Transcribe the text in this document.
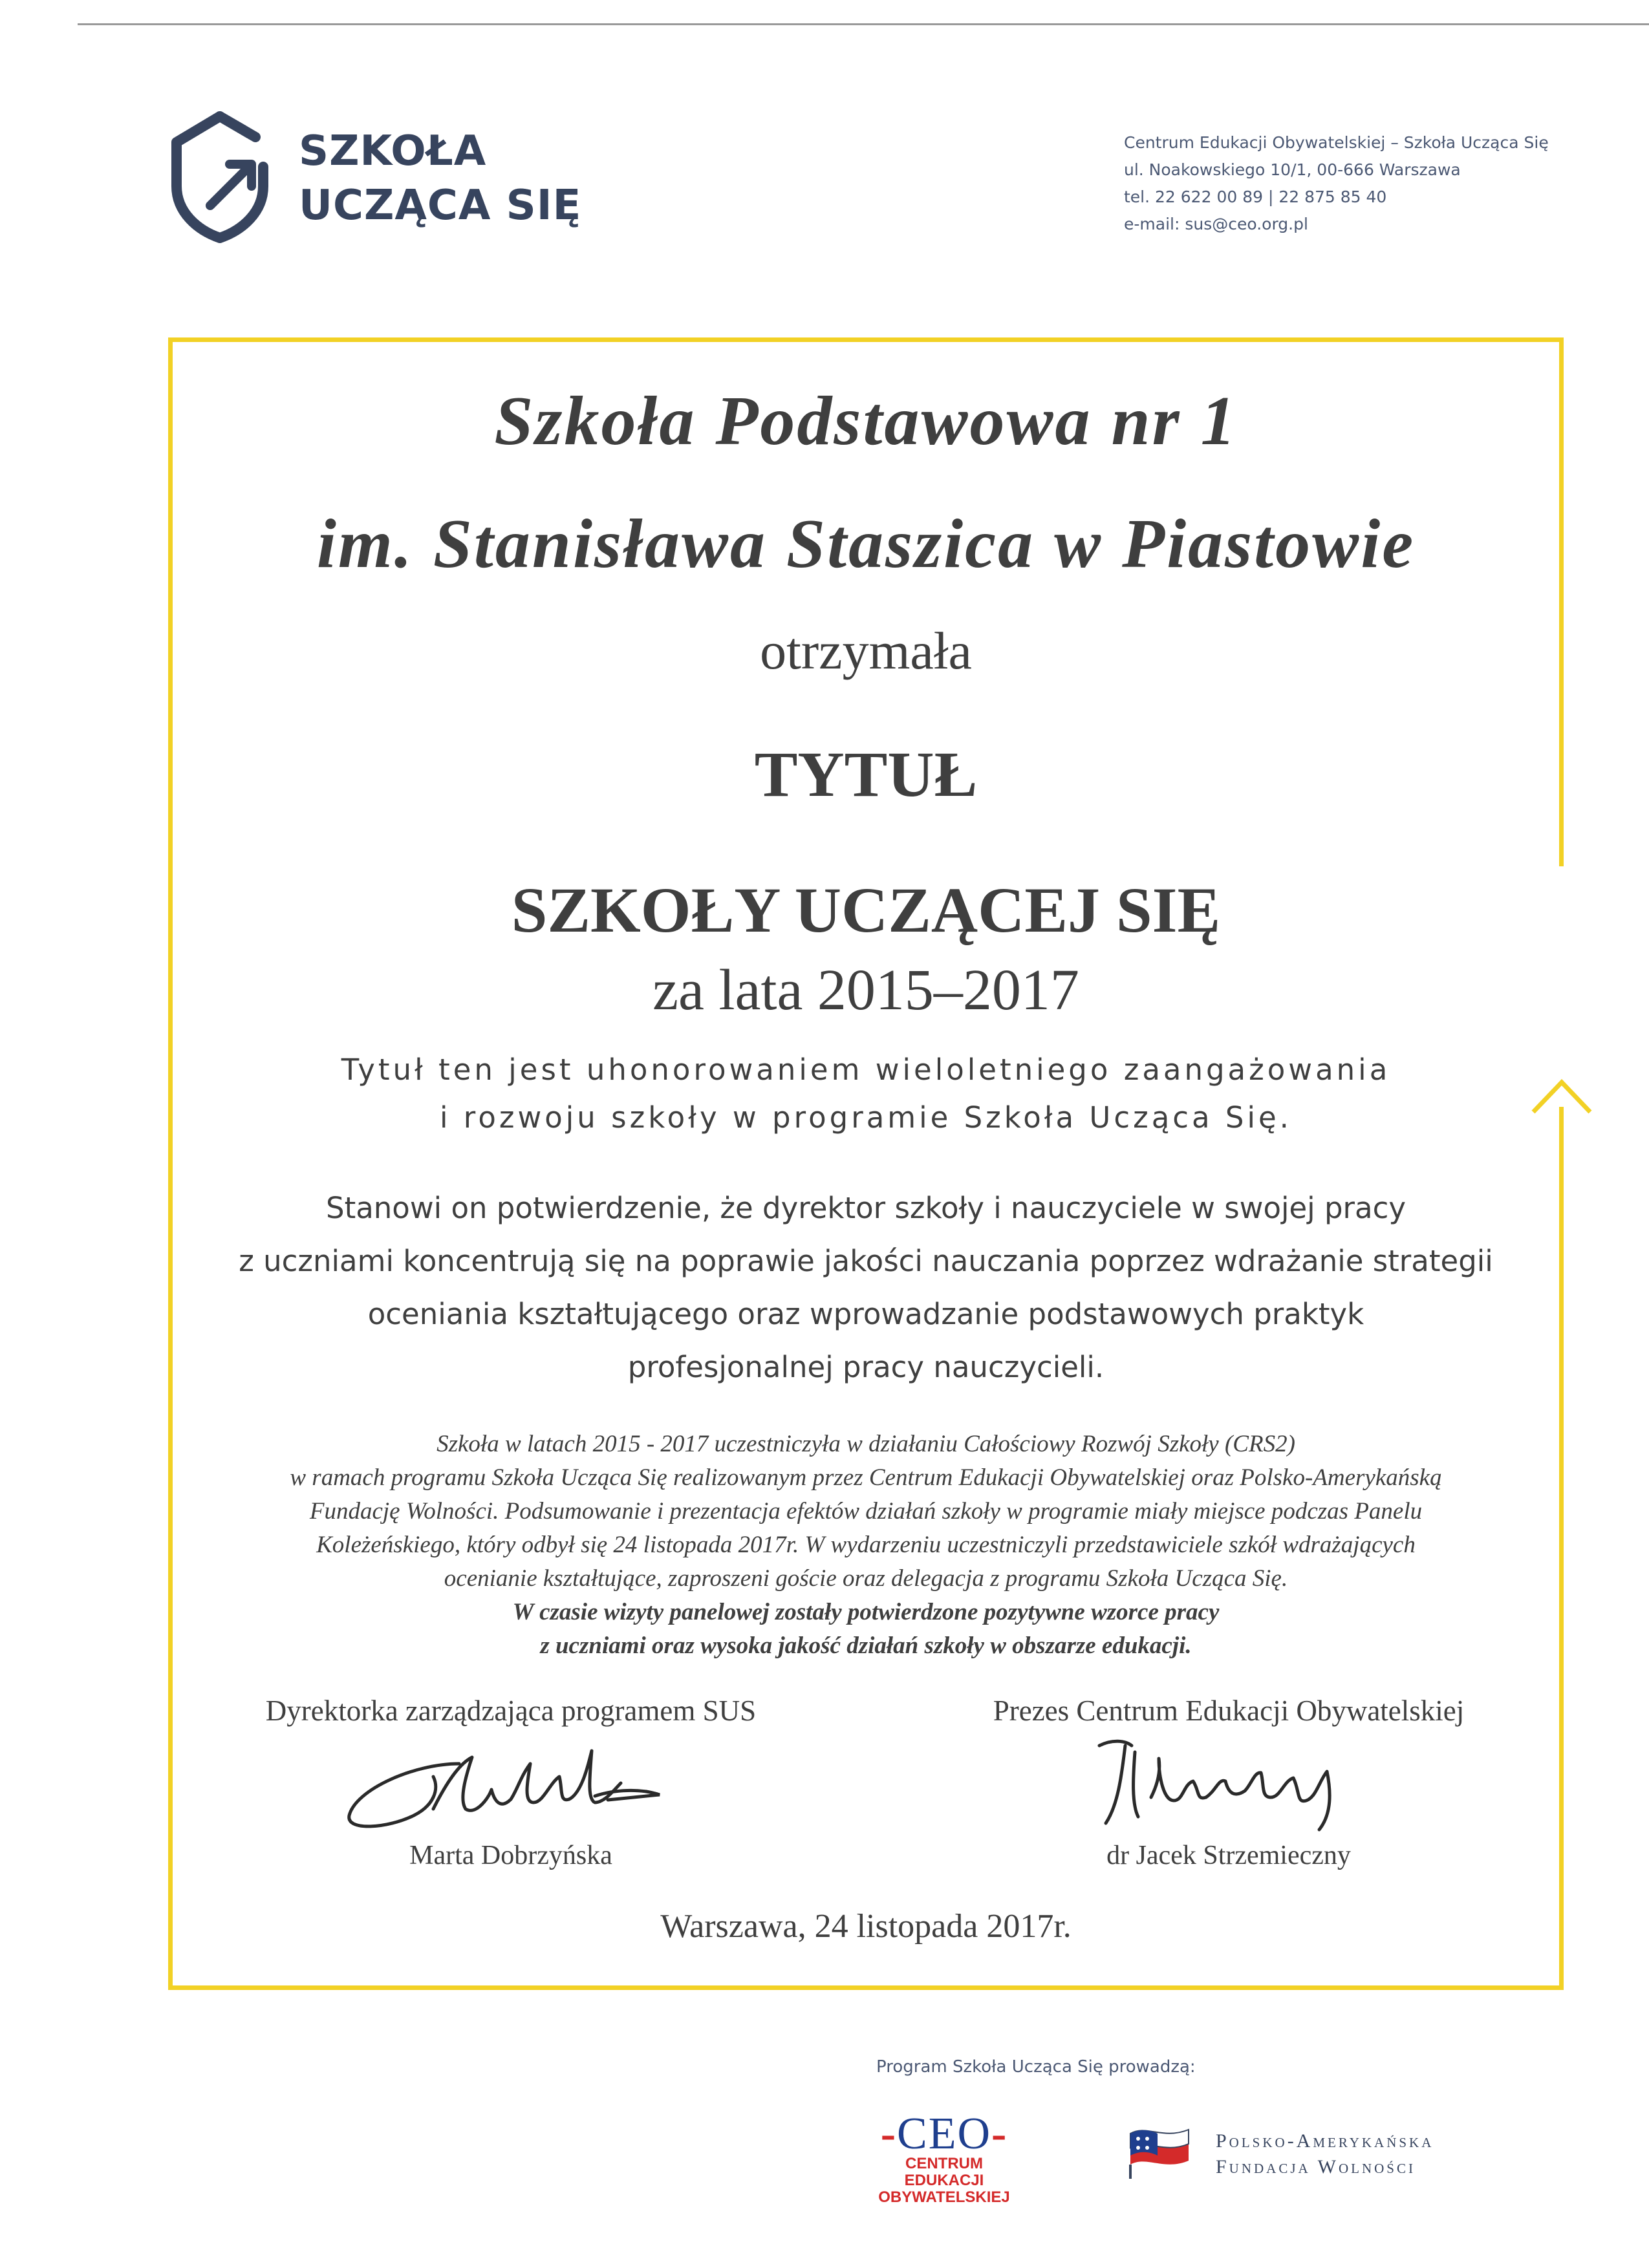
SZKOŁA
UCZĄCA SIĘ
Centrum Edukacji Obywatelskiej – Szkoła Ucząca Się
ul. Noakowskiego 10/1, 00-666 Warszawa
tel. 22 622 00 89 | 22 875 85 40
e-mail: sus@ceo.org.pl
Szkoła Podstawowa nr 1
im. Stanisława Staszica w Piastowie
otrzymała
TYTUŁ
SZKOŁY UCZĄCEJ SIĘ
za lata 2015–2017
Tytuł ten jest uhonorowaniem wieloletniego zaangażowania
i rozwoju szkoły w programie Szkoła Ucząca Się.
Stanowi on potwierdzenie, że dyrektor szkoły i nauczyciele w swojej pracy
z uczniami koncentrują się na poprawie jakości nauczania poprzez wdrażanie strategii
oceniania kształtującego oraz wprowadzanie podstawowych praktyk
profesjonalnej pracy nauczycieli.
Szkoła w latach 2015 - 2017 uczestniczyła w działaniu Całościowy Rozwój Szkoły (CRS2)
w ramach programu Szkoła Ucząca Się realizowanym przez Centrum Edukacji Obywatelskiej oraz Polsko-Amerykańską
Fundację Wolności. Podsumowanie i prezentacja efektów działań szkoły w programie miały miejsce podczas Panelu
Koleżeńskiego, który odbył się 24 listopada 2017r. W wydarzeniu uczestniczyli przedstawiciele szkół wdrażających
ocenianie kształtujące, zaproszeni goście oraz delegacja z programu Szkoła Ucząca Się.
W czasie wizyty panelowej zostały potwierdzone pozytywne wzorce pracy
z uczniami oraz wysoka jakość działań szkoły w obszarze edukacji.
Dyrektorka zarządzająca programem SUS	Prezes Centrum Edukacji Obywatelskiej
Marta Dobrzyńska	dr Jacek Strzemieczny
Warszawa, 24 listopada 2017r.
Program Szkoła Ucząca Się prowadzą:
-CEO-
CENTRUM EDUKACJI
OBYWATELSKIEJ
Polsko-Amerykańska
Fundacja Wolności
